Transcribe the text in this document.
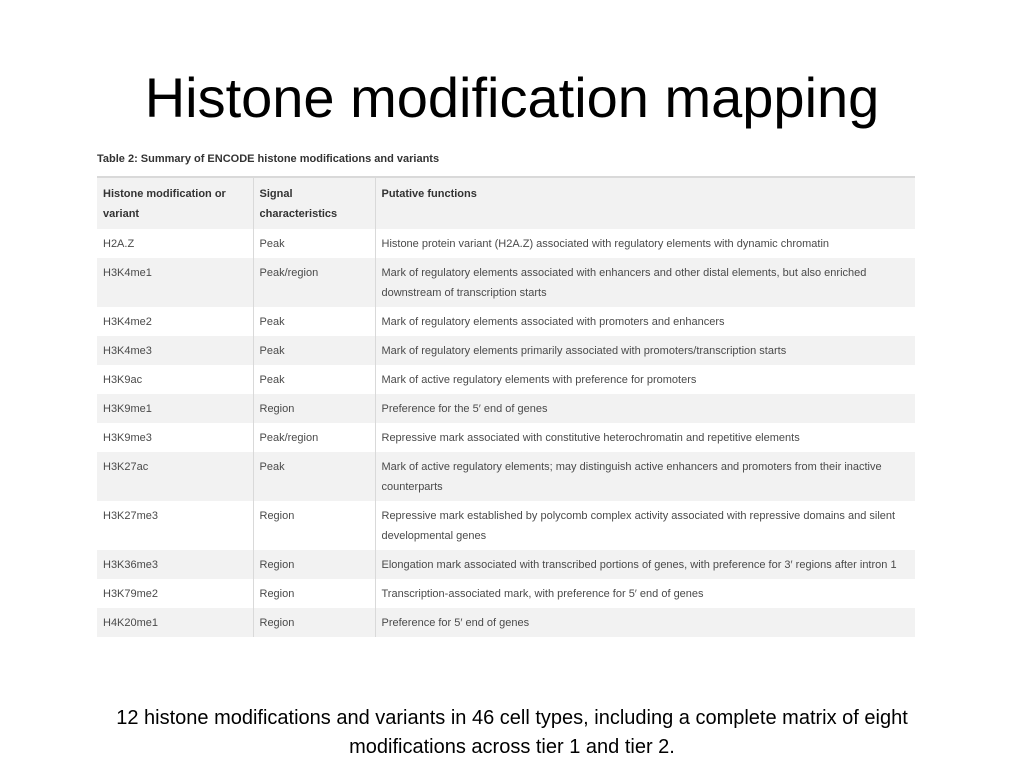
Histone modification mapping
Table 2: Summary of ENCODE histone modifications and variants
Histone modification or variant	Signal characteristics	Putative functions
H2A.Z	Peak	Histone protein variant (H2A.Z) associated with regulatory elements with dynamic chromatin
H3K4me1	Peak/region	Mark of regulatory elements associated with enhancers and other distal elements, but also enriched downstream of transcription starts
H3K4me2	Peak	Mark of regulatory elements associated with promoters and enhancers
H3K4me3	Peak	Mark of regulatory elements primarily associated with promoters/transcription starts
H3K9ac	Peak	Mark of active regulatory elements with preference for promoters
H3K9me1	Region	Preference for the 5′ end of genes
H3K9me3	Peak/region	Repressive mark associated with constitutive heterochromatin and repetitive elements
H3K27ac	Peak	Mark of active regulatory elements; may distinguish active enhancers and promoters from their inactive counterparts
H3K27me3	Region	Repressive mark established by polycomb complex activity associated with repressive domains and silent developmental genes
H3K36me3	Region	Elongation mark associated with transcribed portions of genes, with preference for 3′ regions after intron 1
H3K79me2	Region	Transcription-associated mark, with preference for 5′ end of genes
H4K20me1	Region	Preference for 5′ end of genes
12 histone modifications and variants in 46 cell types, including a complete matrix of eight modifications across tier 1 and tier 2.
